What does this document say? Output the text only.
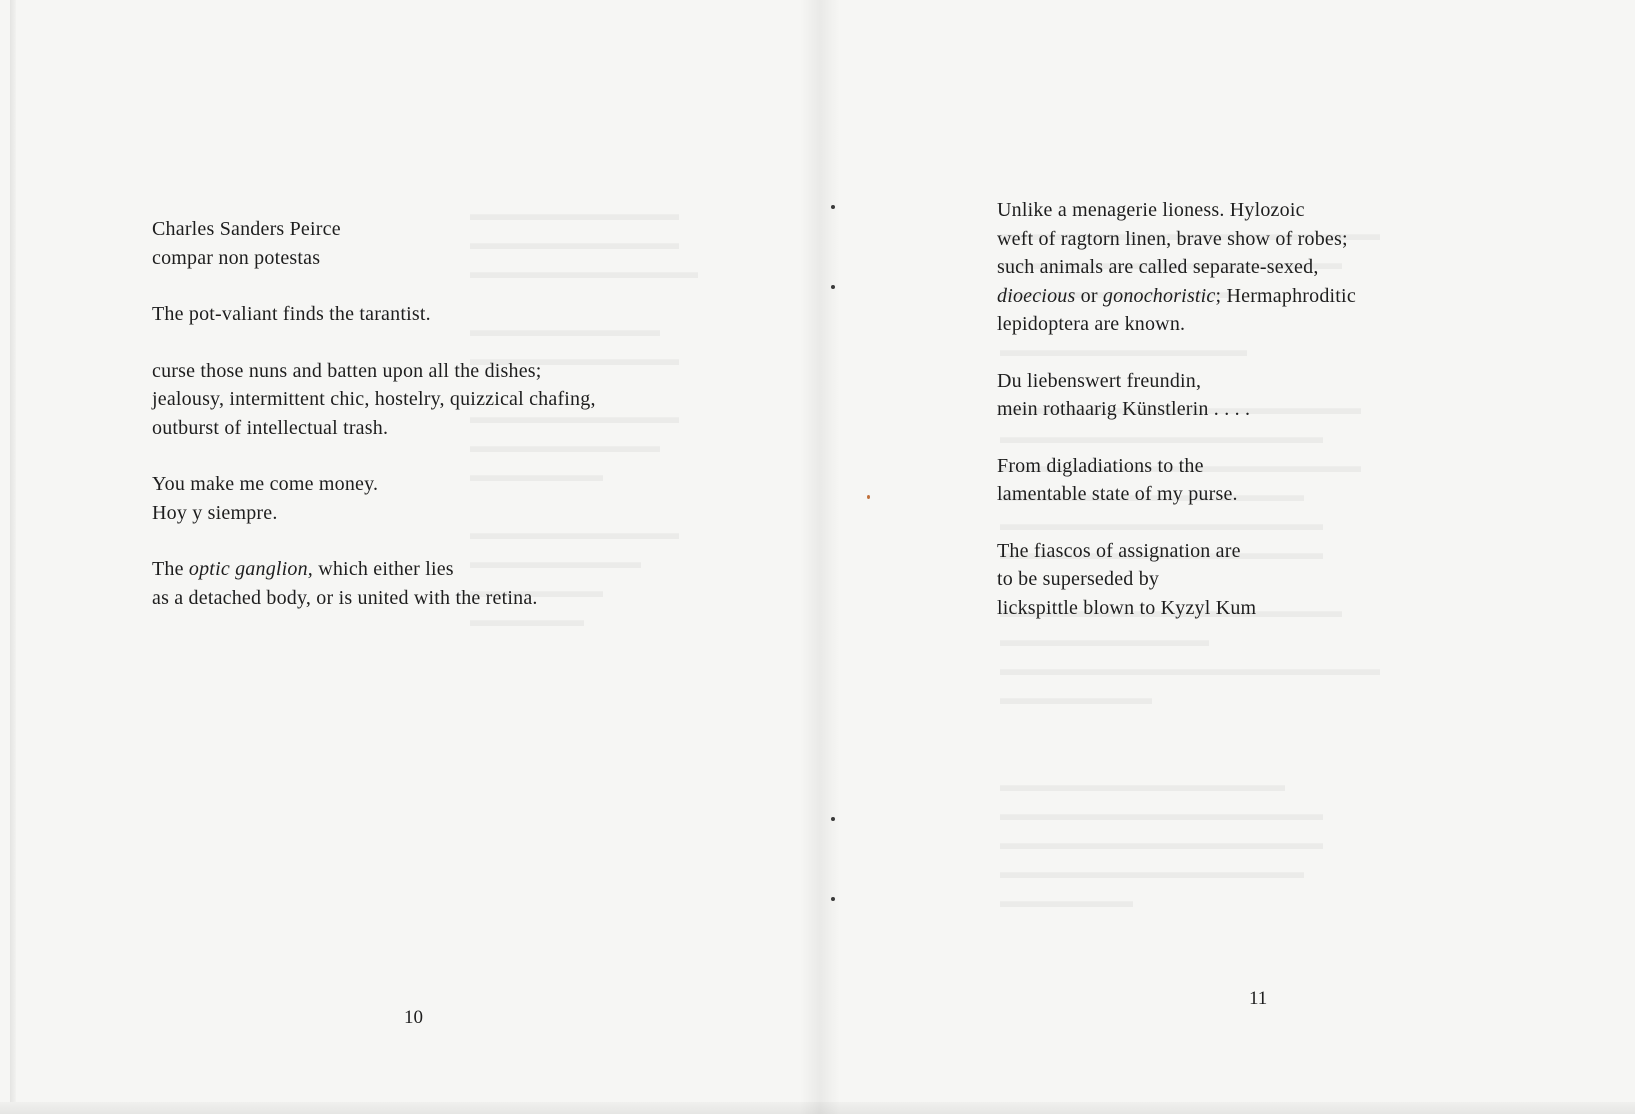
Charles Sanders Peirce
compar non potestas
The pot-valiant finds the tarantist.
curse those nuns and batten upon all the dishes;
jealousy, intermittent chic, hostelry, quizzical chafing,
outburst of intellectual trash.
You make me come money.
Hoy y siempre.
The optic ganglion, which either lies
as a detached body, or is united with the retina.
10
Unlike a menagerie lioness. Hylozoic
weft of ragtorn linen, brave show of robes;
such animals are called separate-sexed,
dioecious or gonochoristic; Hermaphroditic
lepidoptera are known.
Du liebenswert freundin,
mein rothaarig Künstlerin . . . .
From digladiations to the
lamentable state of my purse.
The fiascos of assignation are
to be superseded by
lickspittle blown to Kyzyl Kum
11
